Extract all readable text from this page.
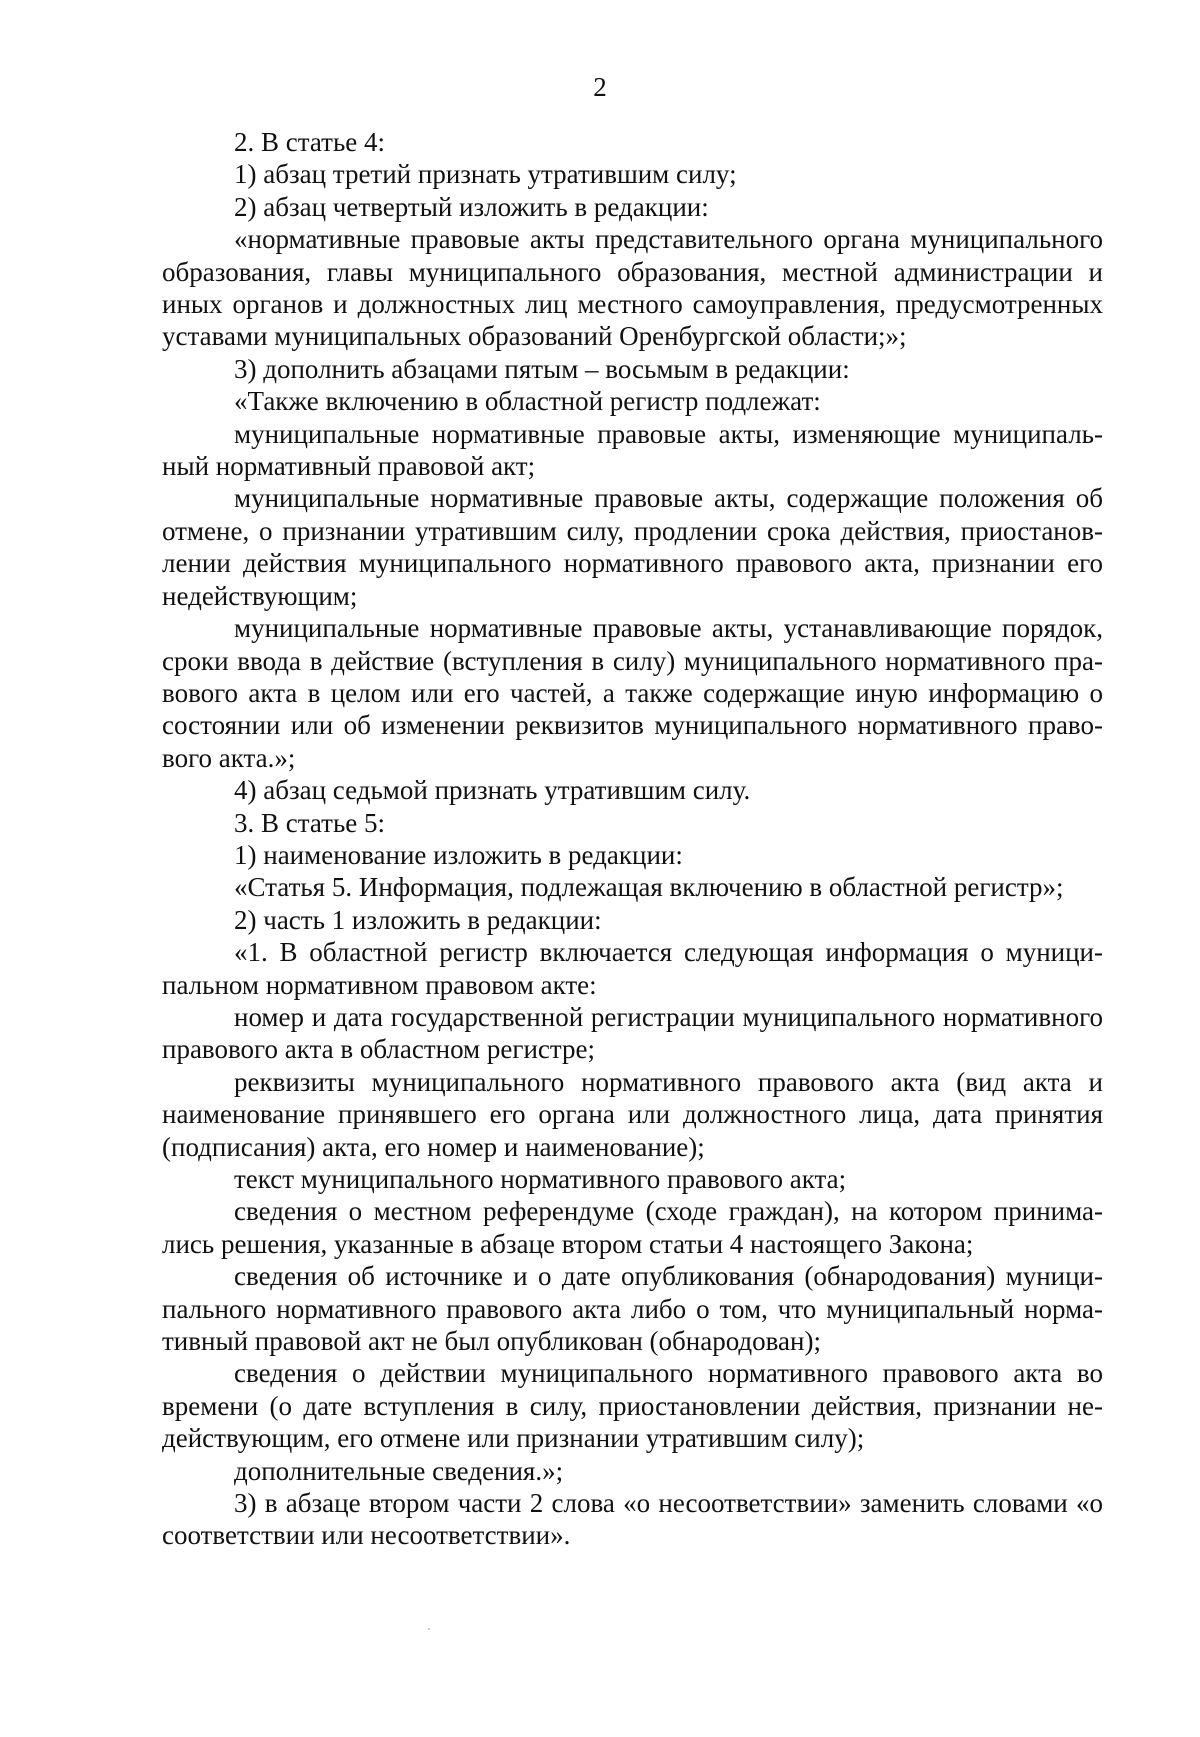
2

2. В статье 4:

1) абзац третий признать утратившим силу;

2) абзац четвертый изложить в редакции:

«нормативные правовые акты представительного органа муниципального образования, главы муниципального образования, местной администрации и иных органов и должностных лиц местного самоуправления, предусмотренных уставами муниципальных образований Оренбургской области;»;

3) дополнить абзацами пятым – восьмым в редакции:

«Также включению в областной регистр подлежат:

муниципальные нормативные правовые акты, изменяющие муниципальный нормативный правовой акт;

муниципальные нормативные правовые акты, содержащие положения об отмене, о признании утратившим силу, продлении срока действия, приостановлении действия муниципального нормативного правового акта, признании его недействующим;

муниципальные нормативные правовые акты, устанавливающие порядок, сроки ввода в действие (вступления в силу) муниципального нормативного правового акта в целом или его частей, а также содержащие иную информацию о состоянии или об изменении реквизитов муниципального нормативного правового акта.»;

4) абзац седьмой признать утратившим силу.

3. В статье 5:

1) наименование изложить в редакции:

«Статья 5. Информация, подлежащая включению в областной регистр»;

2) часть 1 изложить в редакции:

«1. В областной регистр включается следующая информация о муниципальном нормативном правовом акте:

номер и дата государственной регистрации муниципального нормативного правового акта в областном регистре;

реквизиты муниципального нормативного правового акта (вид акта и наименование принявшего его органа или должностного лица, дата принятия (подписания) акта, его номер и наименование);

текст муниципального нормативного правового акта;

сведения о местном референдуме (сходе граждан), на котором принимались решения, указанные в абзаце втором статьи 4 настоящего Закона;

сведения об источнике и о дате опубликования (обнародования) муниципального нормативного правового акта либо о том, что муниципальный нормативный правовой акт не был опубликован (обнародован);

сведения о действии муниципального нормативного правового акта во времени (о дате вступления в силу, приостановлении действия, признании недействующим, его отмене или признании утратившим силу);

дополнительные сведения.»;

3) в абзаце втором части 2 слова «о несоответствии» заменить словами «о соответствии или несоответствии».
